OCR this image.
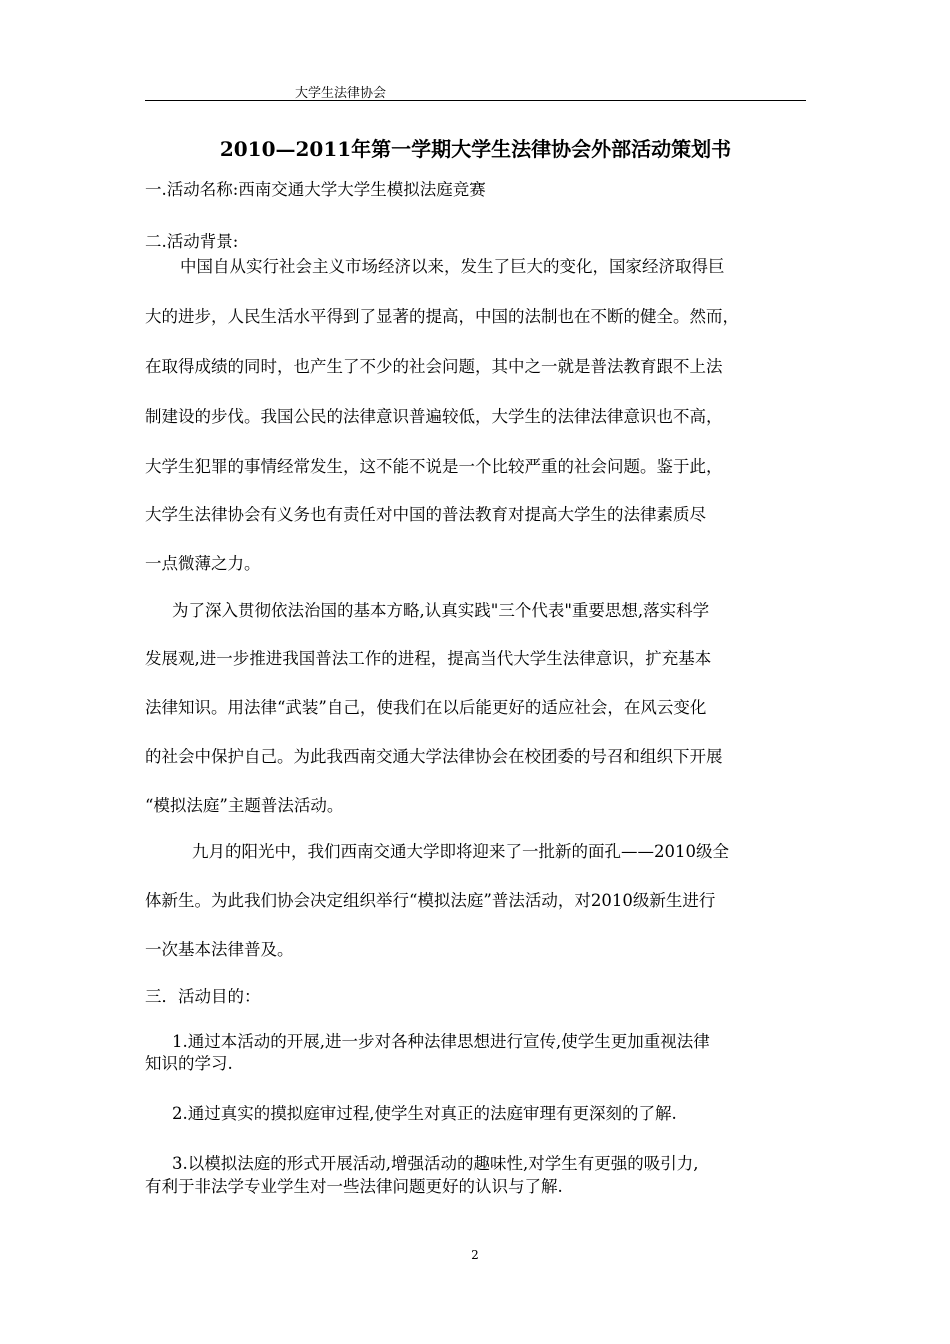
大学生法律协会
2010—2011年第一学期大学生法律协会外部活动策划书
一.活动名称:西南交通大学大学生模拟法庭竞赛
二.活动背景:
中国自从实行社会主义市场经济以来，发生了巨大的变化，国家经济取得巨
大的进步，人民生活水平得到了显著的提高，中国的法制也在不断的健全。然而，
在取得成绩的同时，也产生了不少的社会问题，其中之一就是普法教育跟不上法
制建设的步伐。我国公民的法律意识普遍较低，大学生的法律法律意识也不高，
大学生犯罪的事情经常发生，这不能不说是一个比较严重的社会问题。鉴于此，
大学生法律协会有义务也有责任对中国的普法教育对提高大学生的法律素质尽
一点微薄之力。
为了深入贯彻依法治国的基本方略,认真实践"三个代表"重要思想,落实科学
发展观,进一步推进我国普法工作的进程，提高当代大学生法律意识，扩充基本
法律知识。用法律“武装”自己，使我们在以后能更好的适应社会，在风云变化
的社会中保护自己。为此我西南交通大学法律协会在校团委的号召和组织下开展
“模拟法庭”主题普法活动。
九月的阳光中，我们西南交通大学即将迎来了一批新的面孔——2010级全
体新生。为此我们协会决定组织举行“模拟法庭”普法活动，对2010级新生进行
一次基本法律普及。
三．活动目的：
1.通过本活动的开展,进一步对各种法律思想进行宣传,使学生更加重视法律
知识的学习.
2.通过真实的摸拟庭审过程,使学生对真正的法庭审理有更深刻的了解.
3.以模拟法庭的形式开展活动,增强活动的趣味性,对学生有更强的吸引力,
有利于非法学专业学生对一些法律问题更好的认识与了解.
2
